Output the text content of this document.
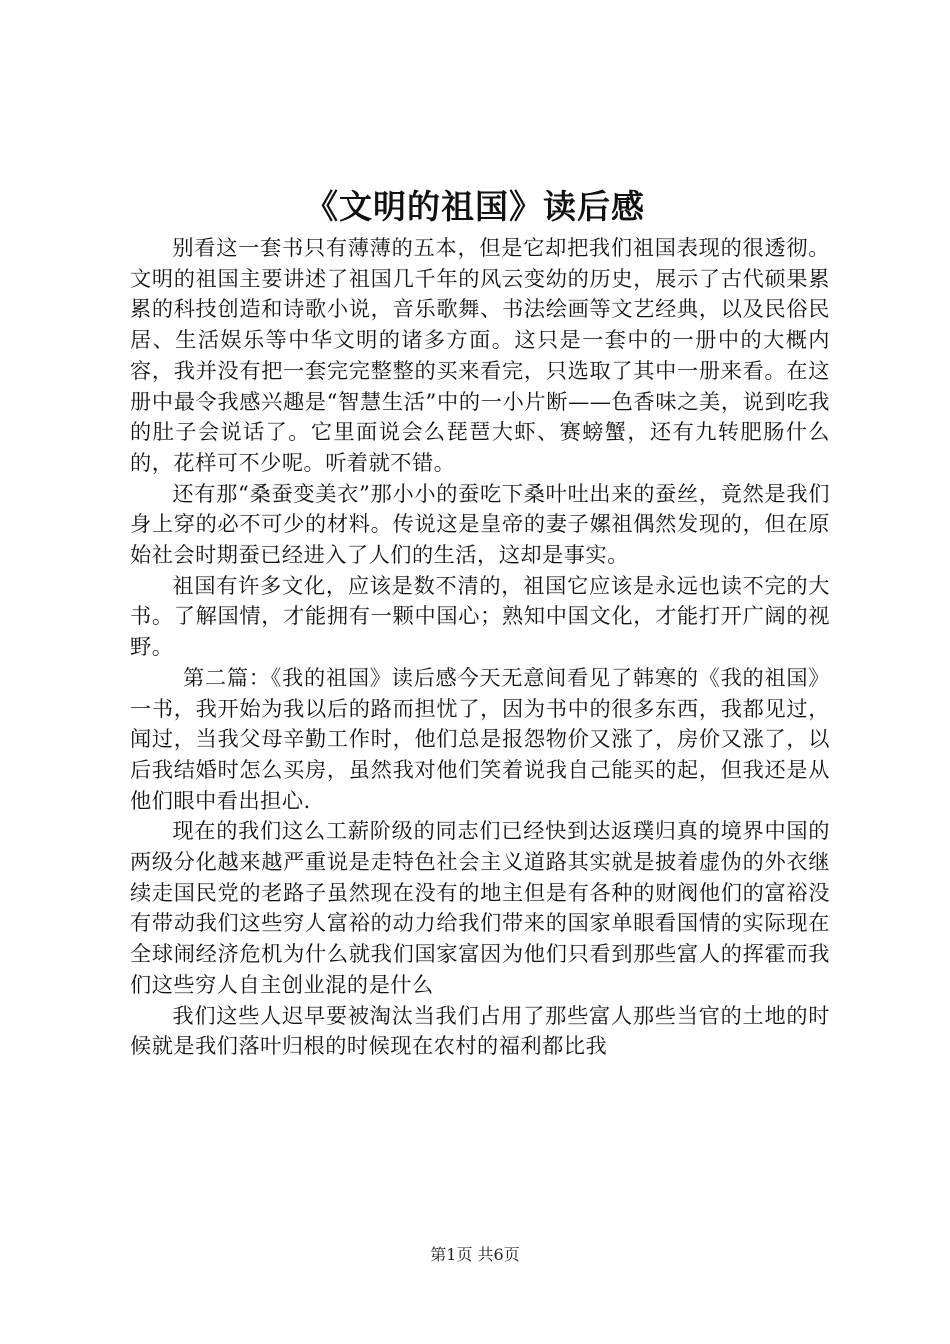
《文明的祖国》读后感

别看这一套书只有薄薄的五本，但是它却把我们祖国表现的很透彻。文明的祖国主要讲述了祖国几千年的风云变幼的历史，展示了古代硕果累累的科技创造和诗歌小说，音乐歌舞、书法绘画等文艺经典，以及民俗民居、生活娱乐等中华文明的诸多方面。这只是一套中的一册中的大概内容，我并没有把一套完完整整的买来看完，只选取了其中一册来看。在这册中最令我感兴趣是“智慧生活”中的一小片断——色香味之美，说到吃我的肚子会说话了。它里面说会么琵琶大虾、赛螃蟹，还有九转肥肠什么的，花样可不少呢。听着就不错。

还有那“桑蚕变美衣”那小小的蚕吃下桑叶吐出来的蚕丝，竟然是我们身上穿的必不可少的材料。传说这是皇帝的妻子嫘祖偶然发现的，但在原始社会时期蚕已经进入了人们的生活，这却是事实。

祖国有许多文化，应该是数不清的，祖国它应该是永远也读不完的大书。了解国情，才能拥有一颗中国心；熟知中国文化，才能打开广阔的视野。

第二篇：《我的祖国》读后感今天无意间看见了韩寒的《我的祖国》一书，我开始为我以后的路而担忧了，因为书中的很多东西，我都见过，闻过，当我父母辛勤工作时，他们总是报怨物价又涨了，房价又涨了，以后我结婚时怎么买房，虽然我对他们笑着说我自己能买的起，但我还是从他们眼中看出担心.

现在的我们这么工薪阶级的同志们已经快到达返璞归真的境界中国的两级分化越来越严重说是走特色社会主义道路其实就是披着虚伪的外衣继续走国民党的老路子虽然现在没有的地主但是有各种的财阀他们的富裕没有带动我们这些穷人富裕的动力给我们带来的国家单眼看国情的实际现在全球闹经济危机为什么就我们国家富因为他们只看到那些富人的挥霍而我们这些穷人自主创业混的是什么

我们这些人迟早要被淘汰当我们占用了那些富人那些当官的土地的时候就是我们落叶归根的时候现在农村的福利都比我

第1页 共6页
